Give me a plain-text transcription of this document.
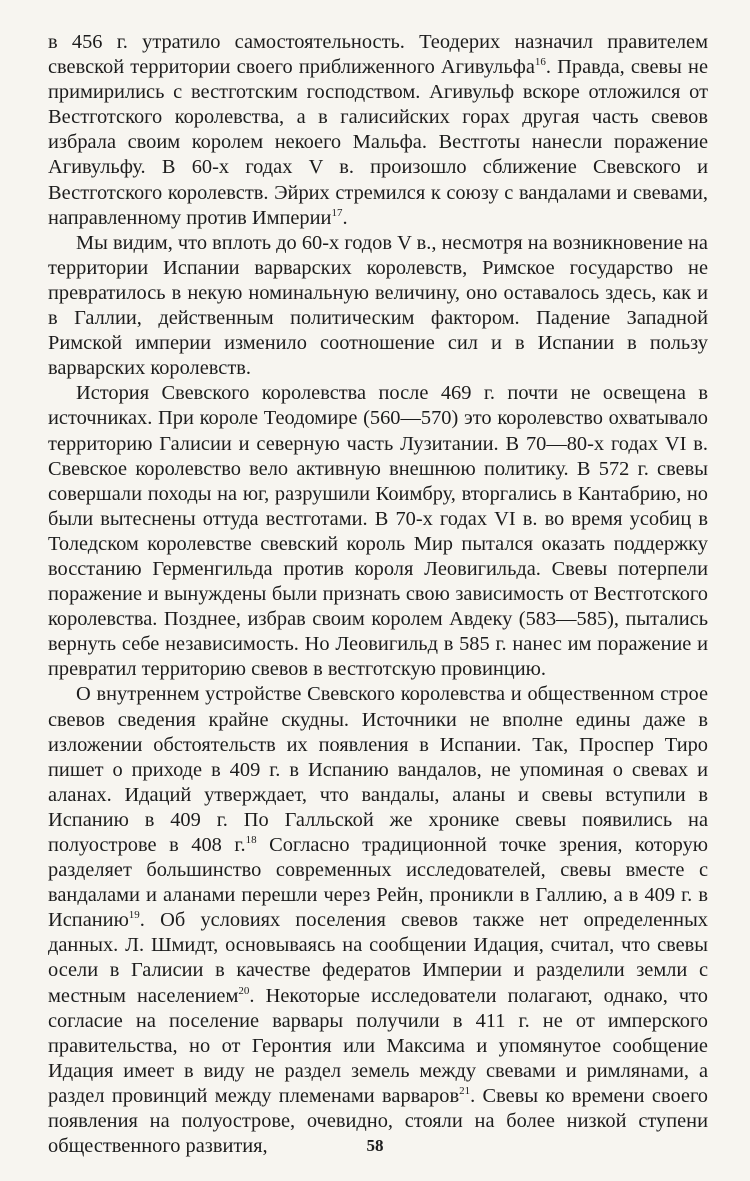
в 456 г. утратило самостоятельность. Теодерих назначил правителем свевской территории своего приближенного Агивульфа$^{16}$. Правда, свевы не примирились с вестготским господством. Агивульф вскоре отложился от Вестготского королевства, а в галисийских горах другая часть свевов избрала своим королем некоего Мальфа. Вестготы нанесли поражение Агивульфу. В 60-х годах V в. произошло сближение Свевского и Вестготского королевств. Эйрих стремился к союзу с вандалами и свевами, направленному против Империи$^{17}$.

Мы видим, что вплоть до 60-х годов V в., несмотря на возникновение на территории Испании варварских королевств, Римское государство не превратилось в некую номинальную величину, оно оставалось здесь, как и в Галлии, действенным политическим фактором. Падение Западной Римской империи изменило соотношение сил и в Испании в пользу варварских королевств.

История Свевского королевства после 469 г. почти не освещена в источниках. При короле Теодомире (560—570) это королевство охватывало территорию Галисии и северную часть Лузитании. В 70—80-х годах VI в. Свевское королевство вело активную внешнюю политику. В 572 г. свевы совершали походы на юг, разрушили Коимбру, вторгались в Кантабрию, но были вытеснены оттуда вестготами. В 70-х годах VI в. во время усобиц в Толедском королевстве свевский король Мир пытался оказать поддержку восстанию Герменгильда против короля Леовигильда. Свевы потерпели поражение и вынуждены были признать свою зависимость от Вестготского королевства. Позднее, избрав своим королем Авдеку (583—585), пытались вернуть себе независимость. Но Леовигильд в 585 г. нанес им поражение и превратил территорию свевов в вестготскую провинцию.

О внутреннем устройстве Свевского королевства и общественном строе свевов сведения крайне скудны. Источники не вполне едины даже в изложении обстоятельств их появления в Испании. Так, Проспер Тиро пишет о приходе в 409 г. в Испанию вандалов, не упоминая о свевах и аланах. Идаций утверждает, что вандалы, аланы и свевы вступили в Испанию в 409 г. По Галльской же хронике свевы появились на полуострове в 408 г.$^{18}$ Согласно традиционной точке зрения, которую разделяет большинство современных исследователей, свевы вместе с вандалами и аланами перешли через Рейн, проникли в Галлию, а в 409 г. в Испанию$^{19}$. Об условиях поселения свевов также нет определенных данных. Л. Шмидт, основываясь на сообщении Идация, считал, что свевы осели в Галисии в качестве федератов Империи и разделили земли с местным населением$^{20}$. Некоторые исследователи полагают, однако, что согласие на поселение варвары получили в 411 г. не от имперского правительства, но от Геронтия или Максима и упомянутое сообщение Идация имеет в виду не раздел земель между свевами и римлянами, а раздел провинций между племенами варваров$^{21}$. Свевы ко времени своего появления на полуострове, очевидно, стояли на более низкой ступени общественного развития,	58
